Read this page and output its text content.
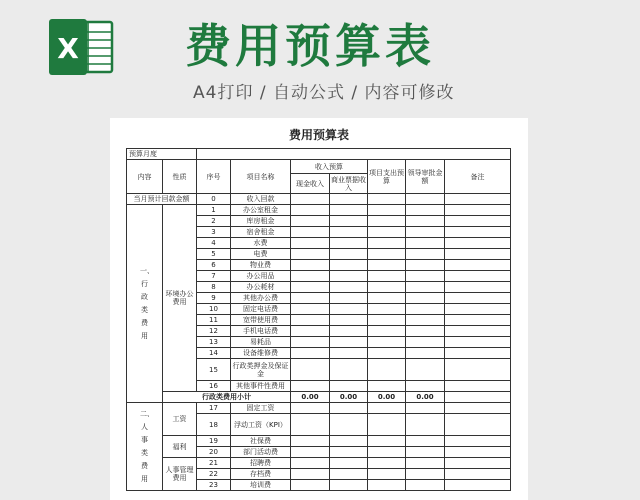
X 费用预算表
A4打印 / 自动公式 / 内容可修改
费用预算表
预算月度								
内容	性质	序号	项目名称	收入预算		项目支出预算	领导审批金额	备注
				现金收入	商业票据收入			
当月预计回款金额		0	收入回款					
一、行政类费用	环境办公费用	1	办公室租金					
		2	库房租金					
		3	宿舍租金					
		4	水费					
		5	电费					
		6	物业费					
		7	办公用品					
		8	办公耗材					
		9	其他办公费					
		10	固定电话费					
		11	宽带使用费					
		12	手机电话费					
		13	易耗品					
		14	设备维修费					
		15	行政类押金及保证金					
		16	其他事件性费用					
	行政类费用小计			0.00	0.00	0.00	0.00	
二、人事类费用	工资	17	固定工资					
		18	浮动工资（KPI）					
	福利	19	社保费					
		20	部门活动费					
	人事管理费用	21	招聘费					
		22	存档费					
		23	培训费					
